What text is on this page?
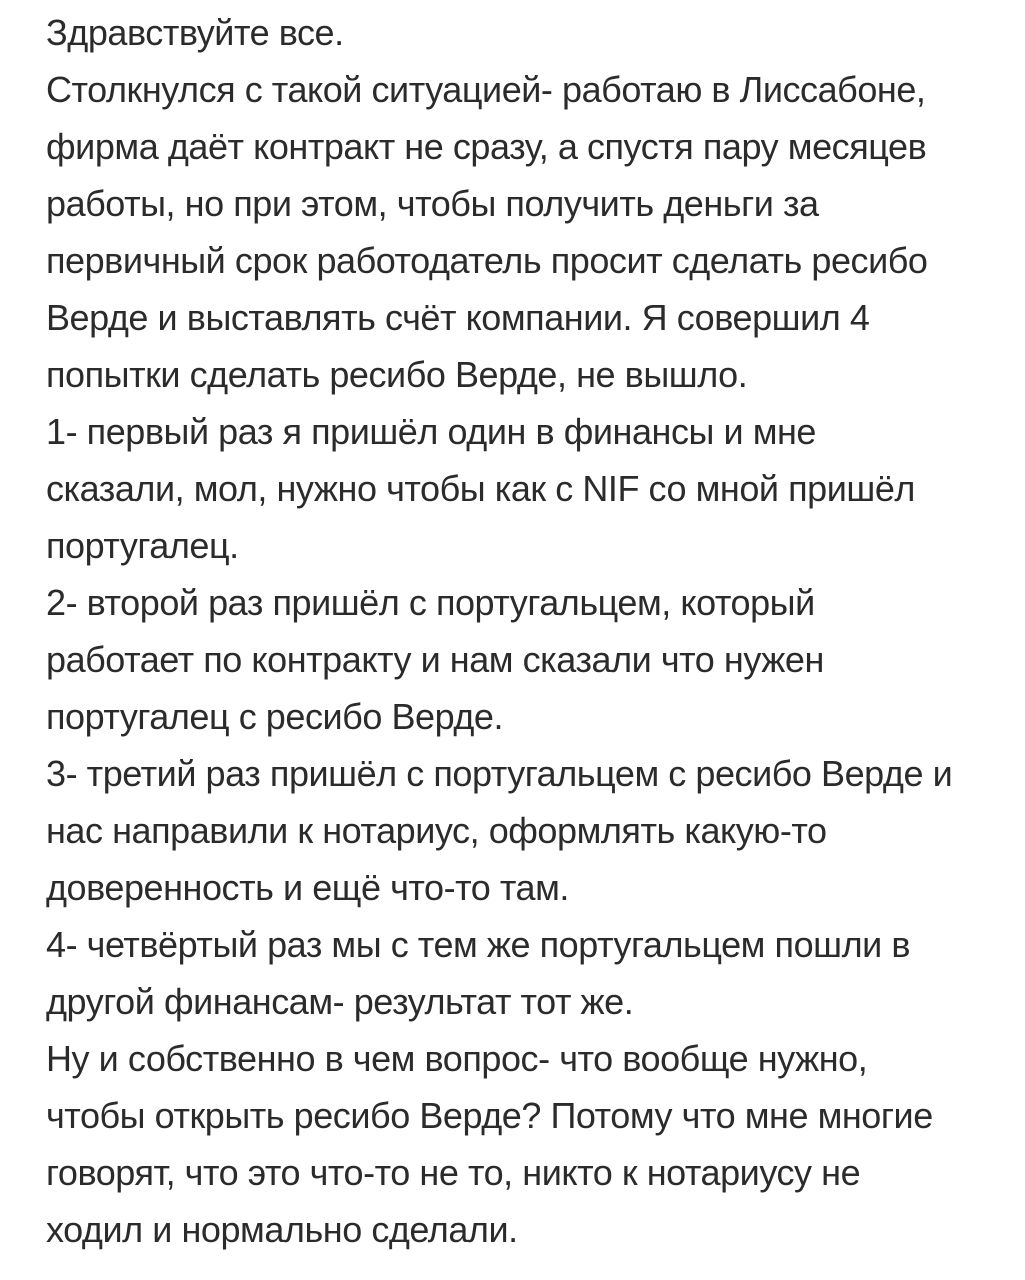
Здравствуйте все.
Столкнулся с такой ситуацией- работаю в Лиссабоне,
фирма даёт контракт не сразу, а спустя пару месяцев
работы, но при этом, чтобы получить деньги за
первичный срок работодатель просит сделать ресибо
Верде и выставлять счёт компании. Я совершил 4
попытки сделать ресибо Верде, не вышло.
1- первый раз я пришёл один в финансы и мне
сказали, мол, нужно чтобы как с NIF со мной пришёл
португалец.
2- второй раз пришёл с португальцем, который
работает по контракту и нам сказали что нужен
португалец с ресибо Верде.
3- третий раз пришёл с португальцем с ресибо Верде и
нас направили к нотариус, оформлять какую-то
доверенность и ещё что-то там.
4- четвёртый раз мы с тем же португальцем пошли в
другой финансам- результат тот же.
Ну и собственно в чем вопрос- что вообще нужно,
чтобы открыть ресибо Верде? Потому что мне многие
говорят, что это что-то не то, никто к нотариусу не
ходил и нормально сделали.
